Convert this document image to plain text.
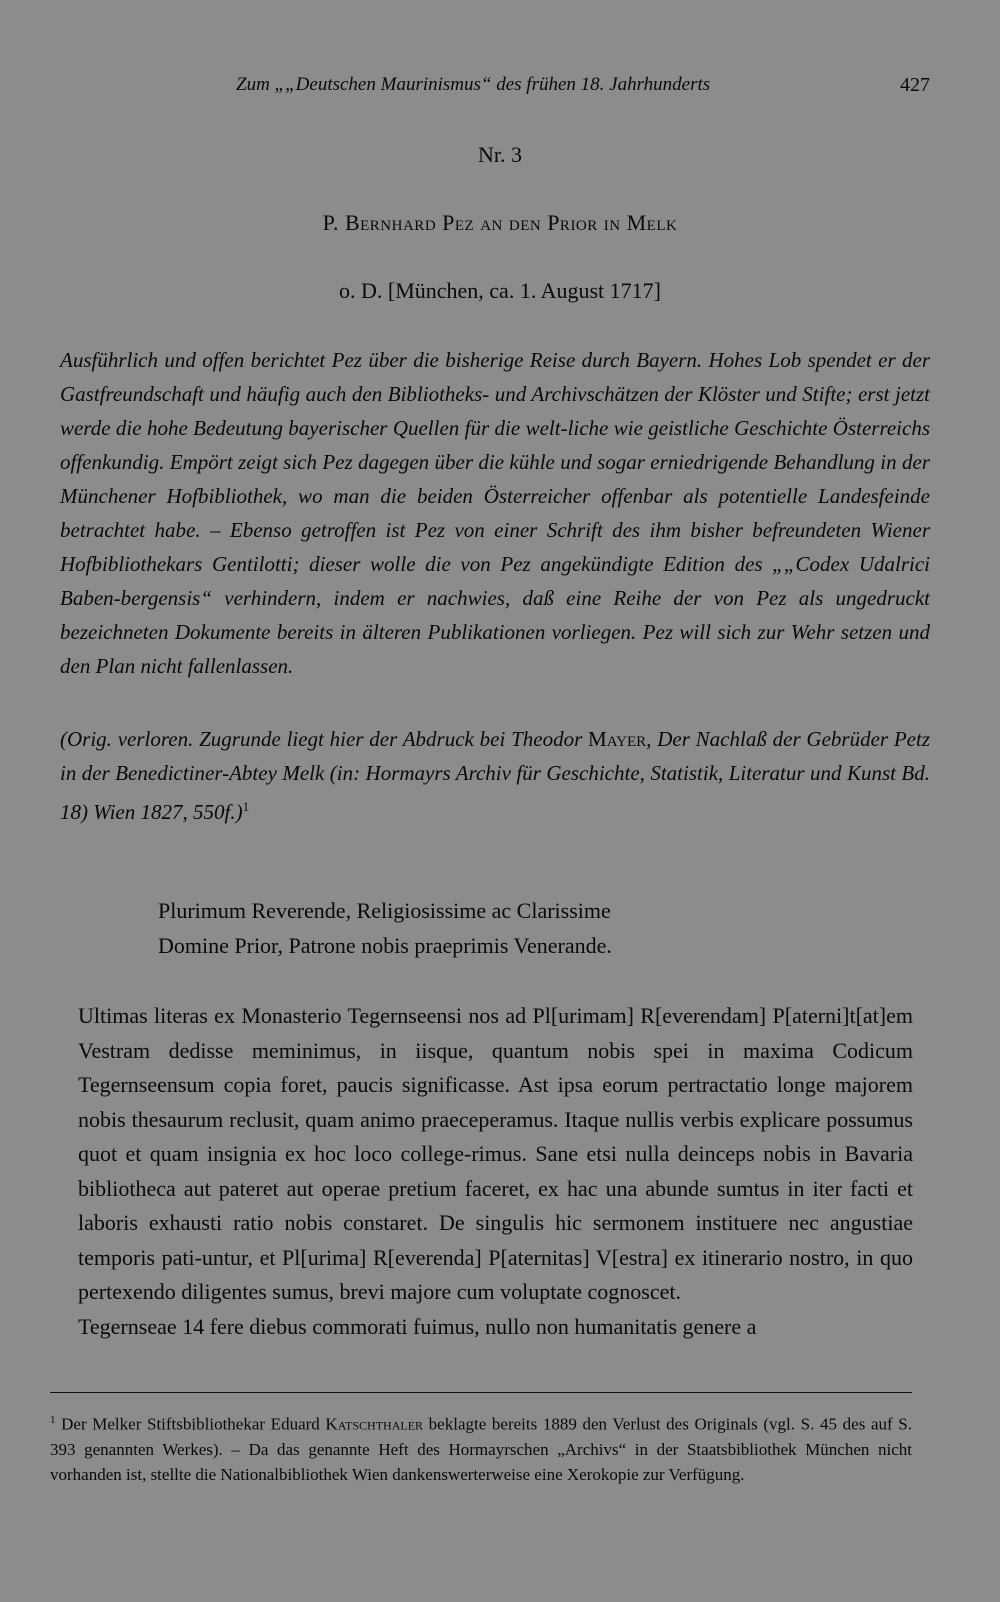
Zum „„Deutschen Maurinismus“ des frühen 18. Jahrhunderts	427
Nr. 3
P. Bernhard Pez an den Prior in Melk
o. D. [München, ca. 1. August 1717]

Ausführlich und offen berichtet Pez über die bisherige Reise durch Bayern. Hohes Lob spendet er der Gastfreundschaft und häufig auch den Bibliotheks- und Archivschätzen der Klöster und Stifte; erst jetzt werde die hohe Bedeutung bayerischer Quellen für die welt-liche wie geistliche Geschichte Österreichs offenkundig. Empört zeigt sich Pez dagegen über die kühle und sogar erniedrigende Behandlung in der Münchener Hofbibliothek, wo man die beiden Österreicher offenbar als potentielle Landesfeinde betrachtet habe. – Ebenso getroffen ist Pez von einer Schrift des ihm bisher befreundeten Wiener Hofbibliothekars Gentilotti; dieser wolle die von Pez angekündigte Edition des „„Codex Udalrici Baben-bergensis“ verhindern, indem er nachwies, daß eine Reihe der von Pez als ungedruckt bezeichneten Dokumente bereits in älteren Publikationen vorliegen. Pez will sich zur Wehr setzen und den Plan nicht fallenlassen.

(Orig. verloren. Zugrunde liegt hier der Abdruck bei Theodor Mayer, Der Nachlaß der Gebrüder Petz in der Benedictiner-Abtey Melk (in: Hormayrs Archiv für Geschichte, Statistik, Literatur und Kunst Bd. 18) Wien 1827, 550f.)$^1$

Plurimum Reverende, Religiosissime ac Clarissime
Domine Prior, Patrone nobis praeprimis Venerande.

Ultimas literas ex Monasterio Tegernseensi nos ad Pl[urimam] R[everendam] P[aterni]t[at]em Vestram dedisse meminimus, in iisque, quantum nobis spei in maxima Codicum Tegernseensum copia foret, paucis significasse. Ast ipsa eorum pertractatio longe majorem nobis thesaurum reclusit, quam animo praeceperamus. Itaque nullis verbis explicare possumus quot et quam insignia ex hoc loco college-rimus. Sane etsi nulla deinceps nobis in Bavaria bibliotheca aut pateret aut operae pretium faceret, ex hac una abunde sumtus in iter facti et laboris exhausti ratio nobis constaret. De singulis hic sermonem instituere nec angustiae temporis pati-untur, et Pl[urima] R[everenda] P[aternitas] V[estra] ex itinerario nostro, in quo pertexendo diligentes sumus, brevi majore cum voluptate cognoscet.

Tegernseae 14 fere diebus commorati fuimus, nullo non humanitatis genere a

$^1$ Der Melker Stiftsbibliothekar Eduard Katschthaler beklagte bereits 1889 den Verlust des Originals (vgl. S. 45 des auf S. 393 genannten Werkes). – Da das genannte Heft des Hormayrschen „Archivs“ in der Staatsbibliothek München nicht vorhanden ist, stellte die Nationalbibliothek Wien dankenswerterweise eine Xerokopie zur Verfügung.
